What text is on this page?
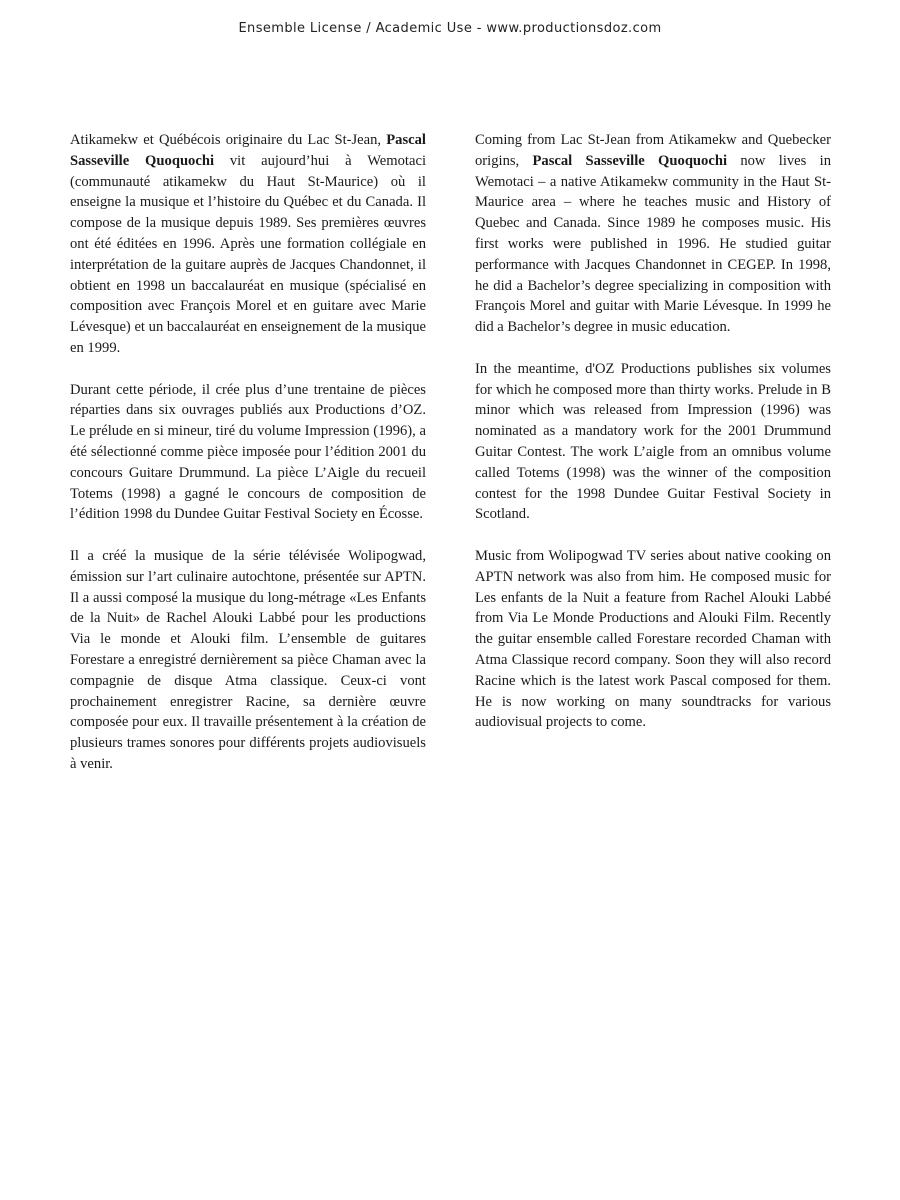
Ensemble License / Academic Use - www.productionsdoz.com

Atikamekw et Québécois originaire du Lac St-Jean, Pascal Sasseville Quoquochi vit aujourd’hui à Wemotaci (communauté atikamekw du Haut St-Maurice) où il enseigne la musique et l’histoire du Québec et du Canada. Il compose de la musique depuis 1989. Ses premières œuvres ont été éditées en 1996. Après une formation collégiale en interprétation de la guitare auprès de Jacques Chandonnet, il obtient en 1998 un baccalauréat en musique (spécialisé en composition avec François Morel et en guitare avec Marie Lévesque) et un baccalauréat en enseignement de la musique en 1999.

Durant cette période, il crée plus d’une trentaine de pièces réparties dans six ouvrages publiés aux Productions d’OZ. Le prélude en si mineur, tiré du volume Impression (1996), a été sélectionné comme pièce imposée pour l’édition 2001 du concours Guitare Drummund. La pièce L’Aigle du recueil Totems (1998) a gagné le concours de composition de l’édition 1998 du Dundee Guitar Festival Society en Écosse.

Il a créé la musique de la série télévisée Wolipogwad, émission sur l’art culinaire autochtone, présentée sur APTN. Il a aussi composé la musique du long-métrage «Les Enfants de la Nuit» de Rachel Alouki Labbé pour les productions Via le monde et Alouki film. L’ensemble de guitares Forestare a enregistré dernièrement sa pièce Chaman avec la compagnie de disque Atma classique. Ceux-ci vont prochainement enregistrer Racine, sa dernière œuvre composée pour eux. Il travaille présentement à la création de plusieurs trames sonores pour différents projets audiovisuels à venir.

Coming from Lac St-Jean from Atikamekw and Quebecker origins, Pascal Sasseville Quoquochi now lives in Wemotaci – a native Atikamekw community in the Haut St-Maurice area – where he teaches music and History of Quebec and Canada. Since 1989 he composes music. His first works were published in 1996. He studied guitar performance with Jacques Chandonnet in CEGEP. In 1998, he did a Bachelor’s degree specializing in composition with François Morel and guitar with Marie Lévesque. In 1999 he did a Bachelor’s degree in music education.

In the meantime, d'OZ Productions publishes six volumes for which he composed more than thirty works. Prelude in B minor which was released from Impression (1996) was nominated as a mandatory work for the 2001 Drummund Guitar Contest. The work L’aigle from an omnibus volume called Totems (1998) was the winner of the composition contest for the 1998 Dundee Guitar Festival Society in Scotland.

Music from Wolipogwad TV series about native cooking on APTN network was also from him. He composed music for Les enfants de la Nuit a feature from Rachel Alouki Labbé from Via Le Monde Productions and Alouki Film. Recently the guitar ensemble called Forestare recorded Chaman with Atma Classique record company. Soon they will also record Racine which is the latest work Pascal composed for them. He is now working on many soundtracks for various audiovisual projects to come.
